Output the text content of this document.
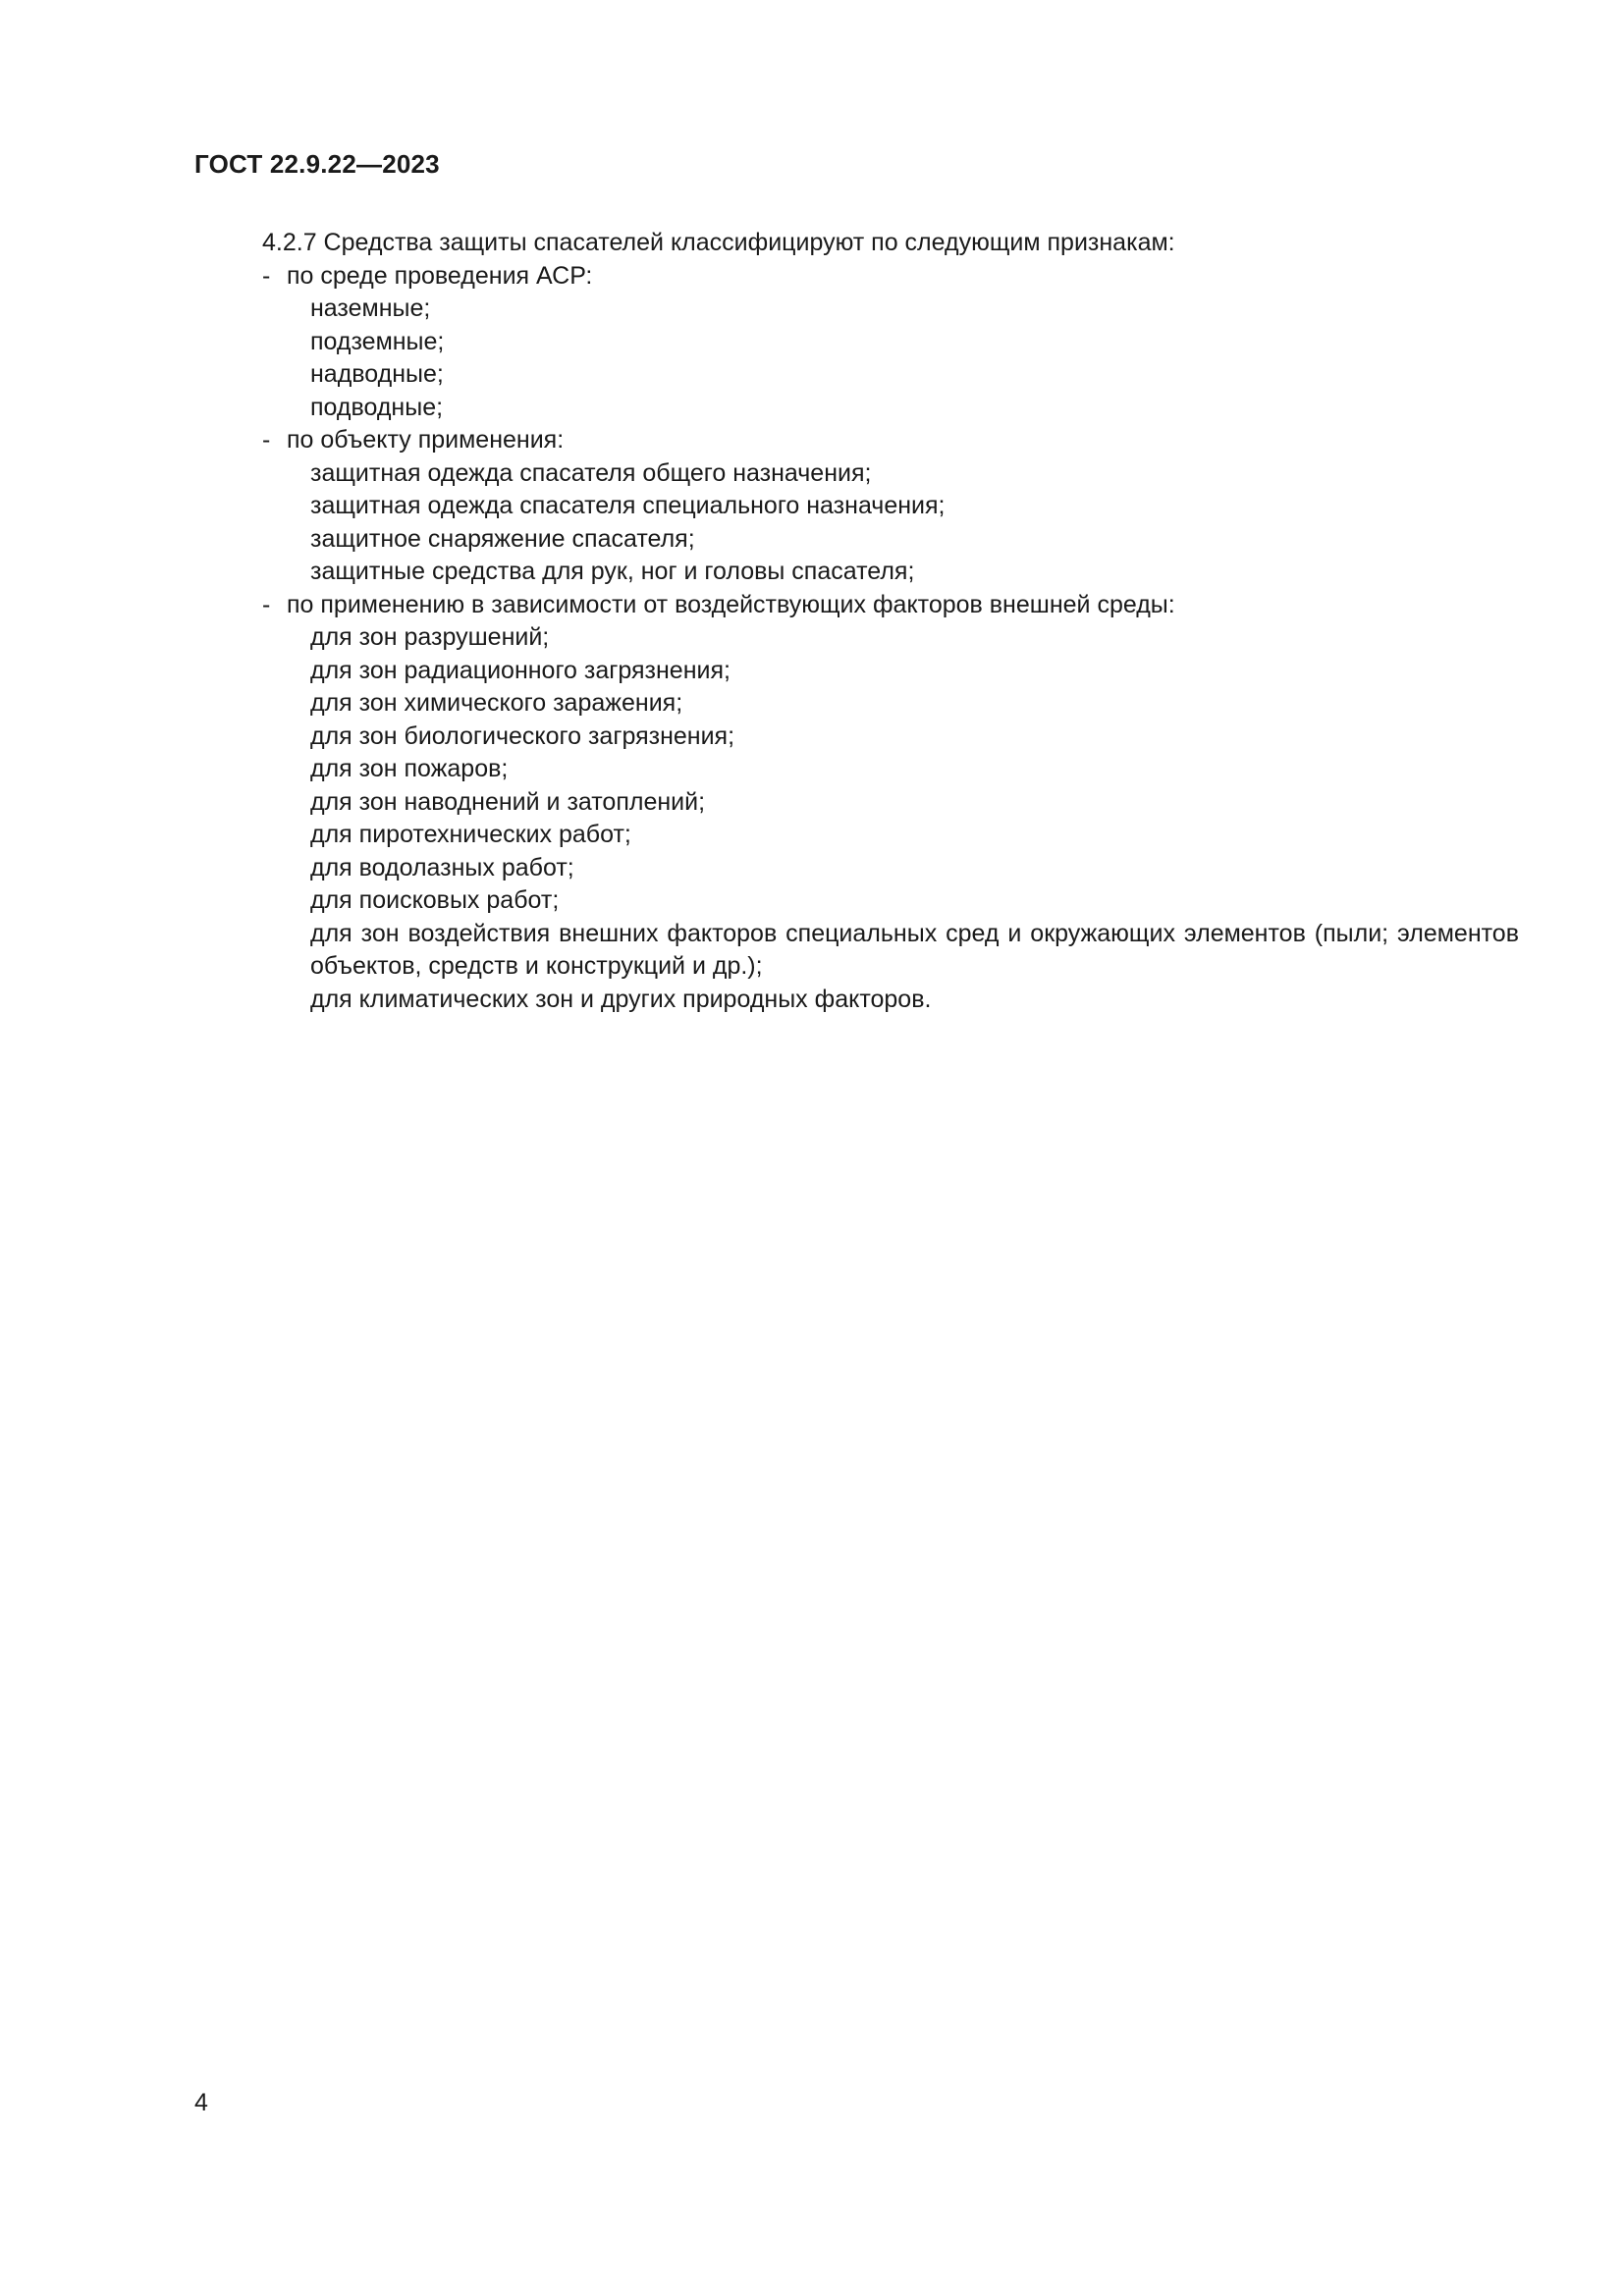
ГОСТ 22.9.22—2023
4.2.7 Средства защиты спасателей классифицируют по следующим признакам:
- по среде проведения АСР:
наземные;
подземные;
надводные;
подводные;
- по объекту применения:
защитная одежда спасателя общего назначения;
защитная одежда спасателя специального назначения;
защитное снаряжение спасателя;
защитные средства для рук, ног и головы спасателя;
- по применению в зависимости от воздействующих факторов внешней среды:
для зон разрушений;
для зон радиационного загрязнения;
для зон химического заражения;
для зон биологического загрязнения;
для зон пожаров;
для зон наводнений и затоплений;
для пиротехнических работ;
для водолазных работ;
для поисковых работ;
для зон воздействия внешних факторов специальных сред и окружающих элементов (пыли; элементов объектов, средств и конструкций и др.);
для климатических зон и других природных факторов.
4
